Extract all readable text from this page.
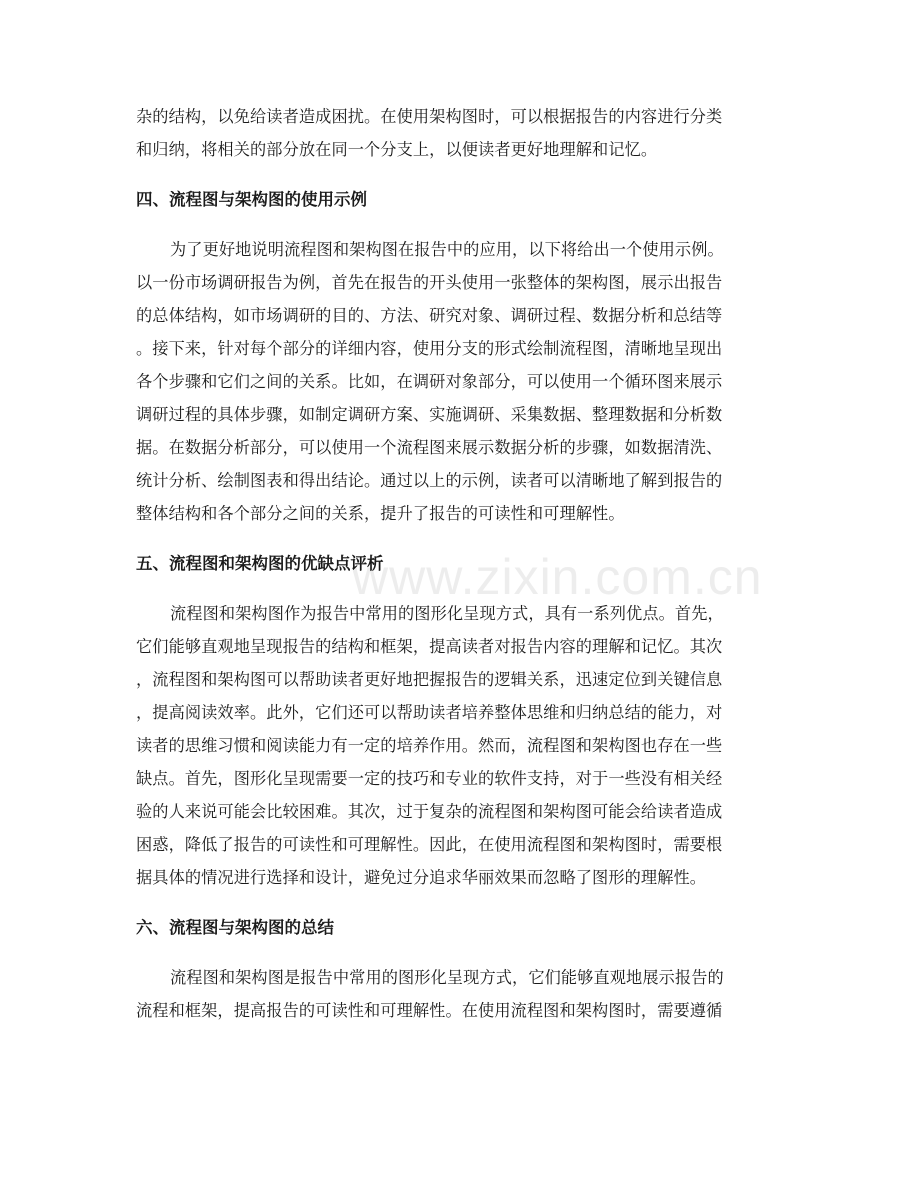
www.zixin.com.cn

杂的结构，以免给读者造成困扰。在使用架构图时，可以根据报告的内容进行分类
和归纳，将相关的部分放在同一个分支上，以便读者更好地理解和记忆。

四、流程图与架构图的使用示例

为了更好地说明流程图和架构图在报告中的应用，以下将给出一个使用示例。
以一份市场调研报告为例，首先在报告的开头使用一张整体的架构图，展示出报告
的总体结构，如市场调研的目的、方法、研究对象、调研过程、数据分析和总结等
。接下来，针对每个部分的详细内容，使用分支的形式绘制流程图，清晰地呈现出
各个步骤和它们之间的关系。比如，在调研对象部分，可以使用一个循环图来展示
调研过程的具体步骤，如制定调研方案、实施调研、采集数据、整理数据和分析数
据。在数据分析部分，可以使用一个流程图来展示数据分析的步骤，如数据清洗、
统计分析、绘制图表和得出结论。通过以上的示例，读者可以清晰地了解到报告的
整体结构和各个部分之间的关系，提升了报告的可读性和可理解性。

五、流程图和架构图的优缺点评析

流程图和架构图作为报告中常用的图形化呈现方式，具有一系列优点。首先，
它们能够直观地呈现报告的结构和框架，提高读者对报告内容的理解和记忆。其次
，流程图和架构图可以帮助读者更好地把握报告的逻辑关系，迅速定位到关键信息
，提高阅读效率。此外，它们还可以帮助读者培养整体思维和归纳总结的能力，对
读者的思维习惯和阅读能力有一定的培养作用。然而，流程图和架构图也存在一些
缺点。首先，图形化呈现需要一定的技巧和专业的软件支持，对于一些没有相关经
验的人来说可能会比较困难。其次，过于复杂的流程图和架构图可能会给读者造成
困惑，降低了报告的可读性和可理解性。因此，在使用流程图和架构图时，需要根
据具体的情况进行选择和设计，避免过分追求华丽效果而忽略了图形的理解性。

六、流程图与架构图的总结

流程图和架构图是报告中常用的图形化呈现方式，它们能够直观地展示报告的
流程和框架，提高报告的可读性和可理解性。在使用流程图和架构图时，需要遵循
